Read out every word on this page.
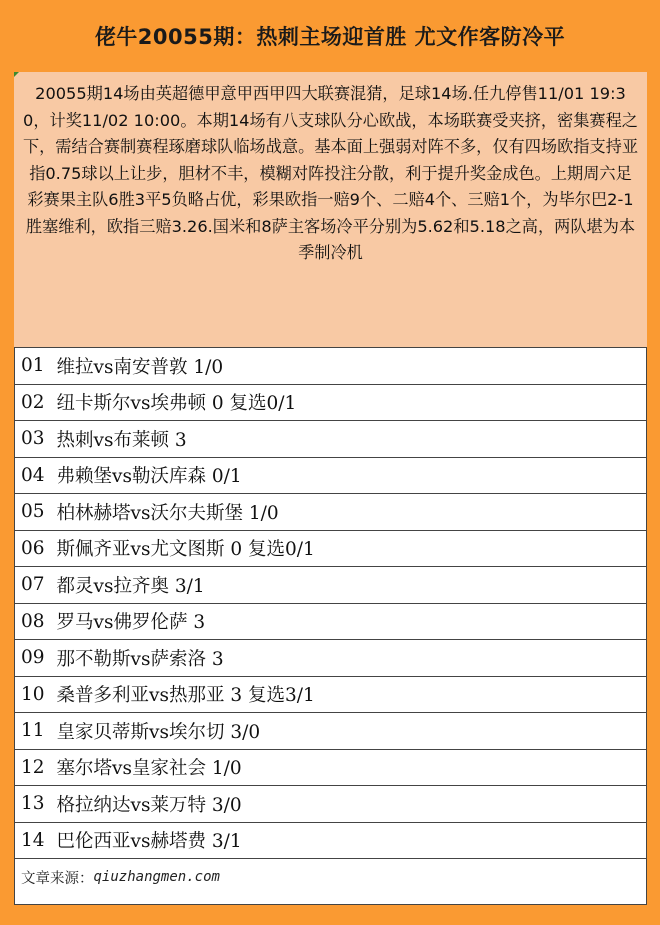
佬牛20055期：热刺主场迎首胜 尤文作客防冷平
20055期14场由英超德甲意甲西甲四大联赛混猜，足球14场.任九停售11/01 19:30，计奖11/02 10:00。本期14场有八支球队分心欧战，本场联赛受夹挤，密集赛程之下，需结合赛制赛程琢磨球队临场战意。基本面上强弱对阵不多，仅有四场欧指支持亚指0.75球以上让步，胆材不丰，模糊对阵投注分散，利于提升奖金成色。上期周六足彩赛果主队6胜3平5负略占优，彩果欧指一赔9个、二赔4个、三赔1个，为毕尔巴2-1胜塞维利，欧指三赔3.26.国米和8萨主客场冷平分别为5.62和5.18之高，两队堪为本季制冷机
01 维拉vs南安普敦 1/0
02 纽卡斯尔vs埃弗顿 0 复选0/1
03 热刺vs布莱顿 3
04 弗赖堡vs勒沃库森 0/1
05 柏林赫塔vs沃尔夫斯堡 1/0
06 斯佩齐亚vs尤文图斯 0 复选0/1
07 都灵vs拉齐奥 3/1
08 罗马vs佛罗伦萨 3
09 那不勒斯vs萨索洛 3
10 桑普多利亚vs热那亚 3 复选3/1
11 皇家贝蒂斯vs埃尔切 3/0
12 塞尔塔vs皇家社会 1/0
13 格拉纳达vs莱万特 3/0
14 巴伦西亚vs赫塔费 3/1
文章来源： qiuzhangmen.com
